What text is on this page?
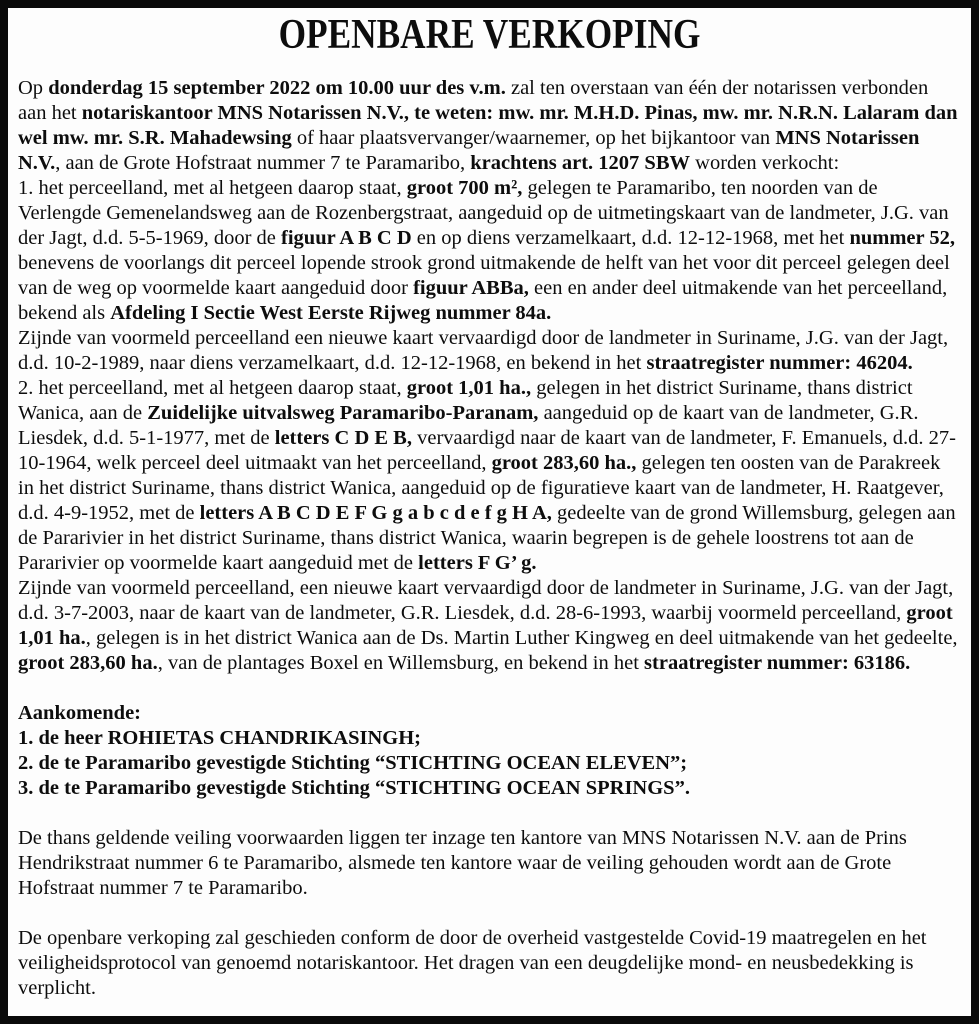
OPENBARE VERKOPING

Op donderdag 15 september 2022 om 10.00 uur des v.m. zal ten overstaan van één der notarissen verbonden aan het notariskantoor MNS Notarissen N.V., te weten: mw. mr. M.H.D. Pinas, mw. mr. N.R.N. Lalaram dan wel mw. mr. S.R. Mahadewsing of haar plaatsvervanger/waarnemer, op het bijkantoor van MNS Notarissen N.V., aan de Grote Hofstraat nummer 7 te Paramaribo, krachtens art. 1207 SBW worden verkocht:

1. het perceelland, met al hetgeen daarop staat, groot 700 m², gelegen te Paramaribo, ten noorden van de Verlengde Gemenelandsweg aan de Rozenbergstraat, aangeduid op de uitmetingskaart van de landmeter, J.G. van der Jagt, d.d. 5-5-1969, door de figuur A B C D en op diens verzamelkaart, d.d. 12-12-1968, met het nummer 52, benevens de voorlangs dit perceel lopende strook grond uitmakende de helft van het voor dit perceel gelegen deel van de weg op voormelde kaart aangeduid door figuur ABBa, een en ander deel uitmakende van het perceelland, bekend als Afdeling I Sectie West Eerste Rijweg nummer 84a.

Zijnde van voormeld perceelland een nieuwe kaart vervaardigd door de landmeter in Suriname, J.G. van der Jagt, d.d. 10-2-1989, naar diens verzamelkaart, d.d. 12-12-1968, en bekend in het straatregister nummer: 46204.

2. het perceelland, met al hetgeen daarop staat, groot 1,01 ha., gelegen in het district Suriname, thans district Wanica, aan de Zuidelijke uitvalsweg Paramaribo-Paranam, aangeduid op de kaart van de landmeter, G.R. Liesdek, d.d. 5-1-1977, met de letters C D E B, vervaardigd naar de kaart van de landmeter, F. Emanuels, d.d. 27-10-1964, welk perceel deel uitmaakt van het perceelland, groot 283,60 ha., gelegen ten oosten van de Parakreek in het district Suriname, thans district Wanica, aangeduid op de figuratieve kaart van de landmeter, H. Raatgever, d.d. 4-9-1952, met de letters A B C D E F G g a b c d e f g H A, gedeelte van de grond Willemsburg, gelegen aan de Pararivier in het district Suriname, thans district Wanica, waarin begrepen is de gehele loostrens tot aan de Pararivier op voormelde kaart aangeduid met de letters F G’ g.

Zijnde van voormeld perceelland, een nieuwe kaart vervaardigd door de landmeter in Suriname, J.G. van der Jagt, d.d. 3-7-2003, naar de kaart van de landmeter, G.R. Liesdek, d.d. 28-6-1993, waarbij voormeld perceelland, groot 1,01 ha., gelegen is in het district Wanica aan de Ds. Martin Luther Kingweg en deel uitmakende van het gedeelte, groot 283,60 ha., van de plantages Boxel en Willemsburg, en bekend in het straatregister nummer: 63186.

Aankomende:

1. de heer ROHIETAS CHANDRIKASINGH;

2. de te Paramaribo gevestigde Stichting “STICHTING OCEAN ELEVEN”;

3. de te Paramaribo gevestigde Stichting “STICHTING OCEAN SPRINGS”.

De thans geldende veiling voorwaarden liggen ter inzage ten kantore van MNS Notarissen N.V. aan de Prins Hendrikstraat nummer 6 te Paramaribo, alsmede ten kantore waar de veiling gehouden wordt aan de Grote Hofstraat nummer 7 te Paramaribo.

De openbare verkoping zal geschieden conform de door de overheid vastgestelde Covid-19 maatregelen en het veiligheidsprotocol van genoemd notariskantoor. Het dragen van een deugdelijke mond- en neusbedekking is verplicht.
